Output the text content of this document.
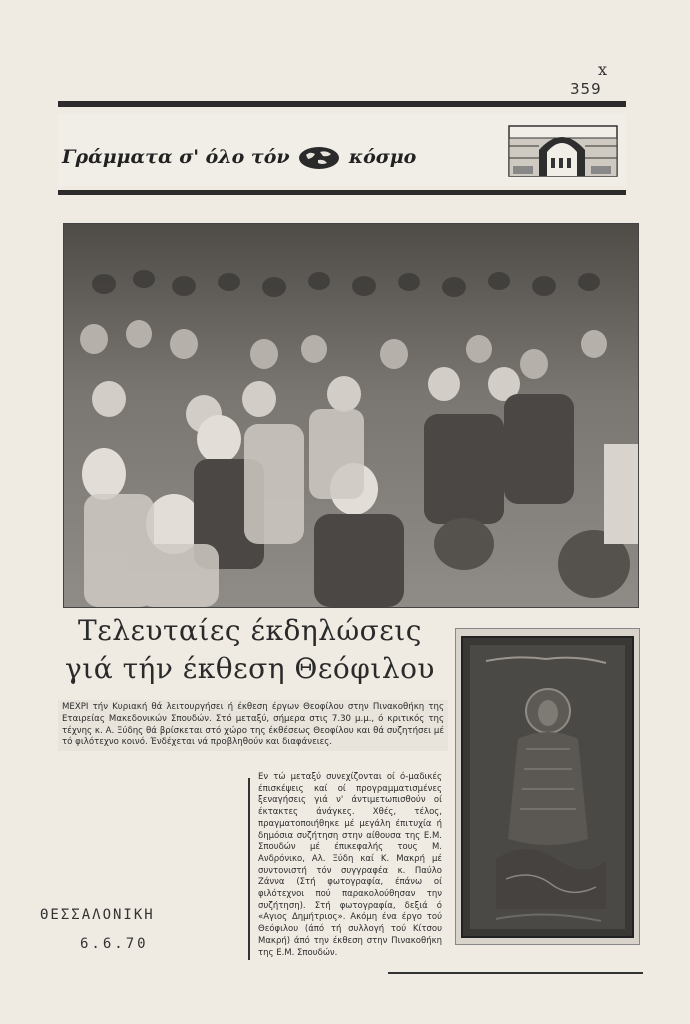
x
359
Γράμματα σ' όλο τόν	κόσμο
Τελευταίες έκδηλώσεις
γιά τήν έκθεση Θεόφιλου
ΜΕΧΡΙ τήν Κυριακή θά λειτουργήσει ή έκθεση έργων Θεοφίλου στην Πινακοθήκη της Εταιρείας Μακεδονικών Σπουδών. Στό μεταξύ, σήμερα στις 7.30 μ.μ., ό κριτικός της τέχνης κ. Α. Ξύδης θά βρίσκεται στό χώρο της έκθέσεως Θεοφίλου και θά συζητήσει μέ τό φιλότεχνο κοινό. Ένδέχεται νά προβληθούν και διαφάνειες.
Εν τώ μεταξύ συνεχίζονται οί ό-μαδικές έπισκέψεις καί οί προγραμματισμένες ξεναγήσεις γιά ν' άντιμετωπισθούν οί έκτακτες άνάγκες. Χθές, τέλος, πραγματοποιήθηκε μέ μεγάλη έπιτυχία ή δημόσια συζήτηση στην αίθουσα της Ε.Μ. Σπουδών μέ έπικεφαλής τους Μ. Ανδρόνικο, Αλ. Ξύδη καί Κ. Μακρή μέ συντονιστή τόν συγγραφέα κ. Παύλο Ζάννα (Στή φωτογραφία, έπάνω οί φιλότεχνοι πού παρακολούθησαν την συζήτηση). Στή φωτογραφία, δεξιά ό «Αγιος Δημήτριος». Ακόμη ένα έργο τού Θεόφιλου (άπό τή συλλογή τού Κίτσου Μακρή) άπό την έκθεση στην Πινακοθήκη της Ε.Μ. Σπουδών.
ΘΕΣΣΑΛΟΝΙΚΗ
6.6.70
